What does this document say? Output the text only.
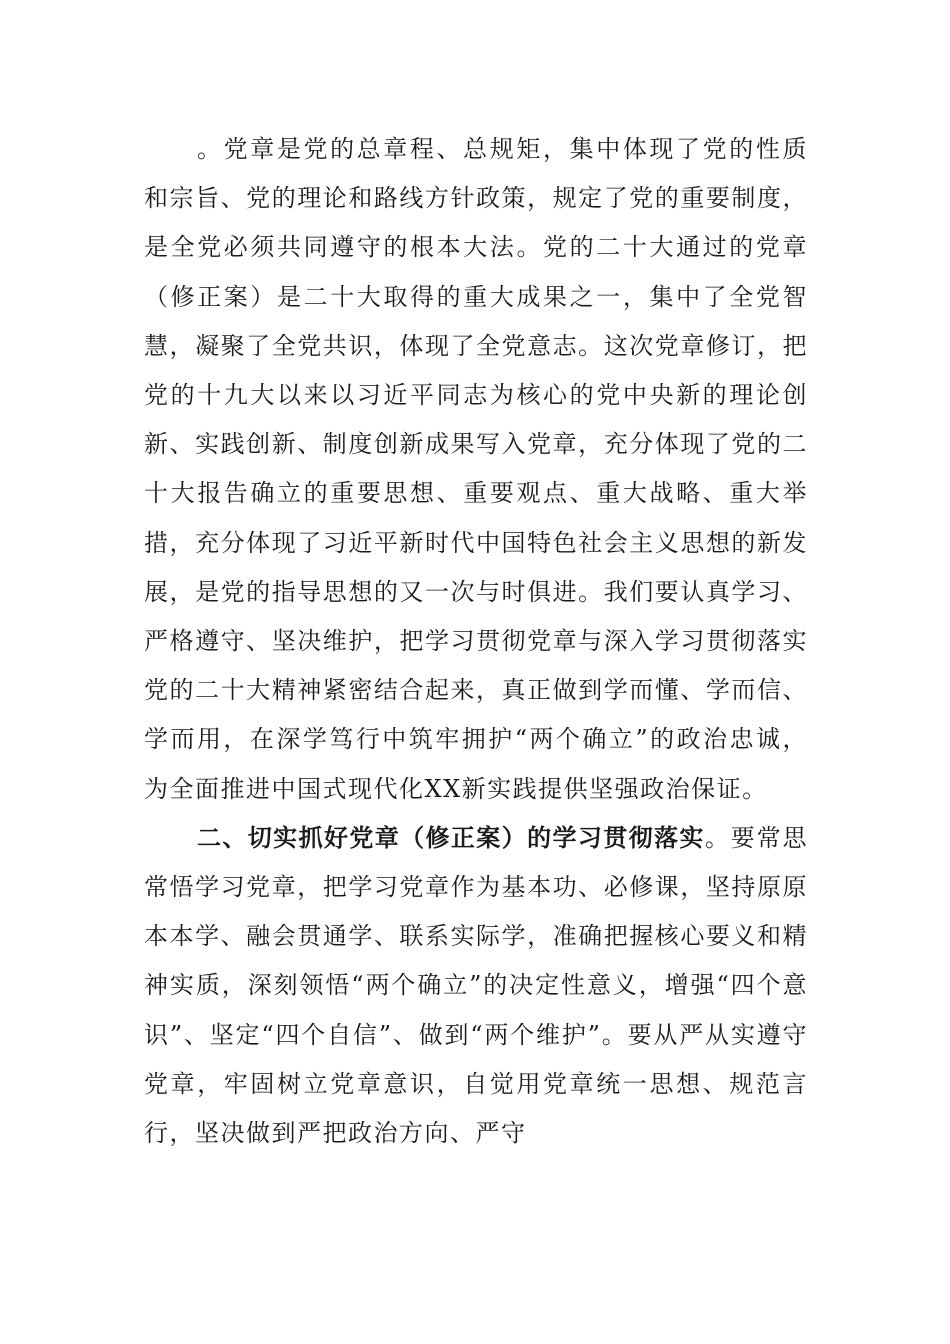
。党章是党的总章程、总规矩，集中体现了党的性质和宗旨、党的理论和路线方针政策，规定了党的重要制度，是全党必须共同遵守的根本大法。党的二十大通过的党章（修正案）是二十大取得的重大成果之一，集中了全党智慧，凝聚了全党共识，体现了全党意志。这次党章修订，把党的十九大以来以习近平同志为核心的党中央新的理论创新、实践创新、制度创新成果写入党章，充分体现了党的二十大报告确立的重要思想、重要观点、重大战略、重大举措，充分体现了习近平新时代中国特色社会主义思想的新发展，是党的指导思想的又一次与时俱进。我们要认真学习、严格遵守、坚决维护，把学习贯彻党章与深入学习贯彻落实党的二十大精神紧密结合起来，真正做到学而懂、学而信、学而用，在深学笃行中筑牢拥护“两个确立”的政治忠诚，为全面推进中国式现代化XX新实践提供坚强政治保证。

二、切实抓好党章（修正案）的学习贯彻落实。要常思常悟学习党章，把学习党章作为基本功、必修课，坚持原原本本学、融会贯通学、联系实际学，准确把握核心要义和精神实质，深刻领悟“两个确立”的决定性意义，增强“四个意识”、坚定“四个自信”、做到“两个维护”。要从严从实遵守党章，牢固树立党章意识，自觉用党章统一思想、规范言行，坚决做到严把政治方向、严守
